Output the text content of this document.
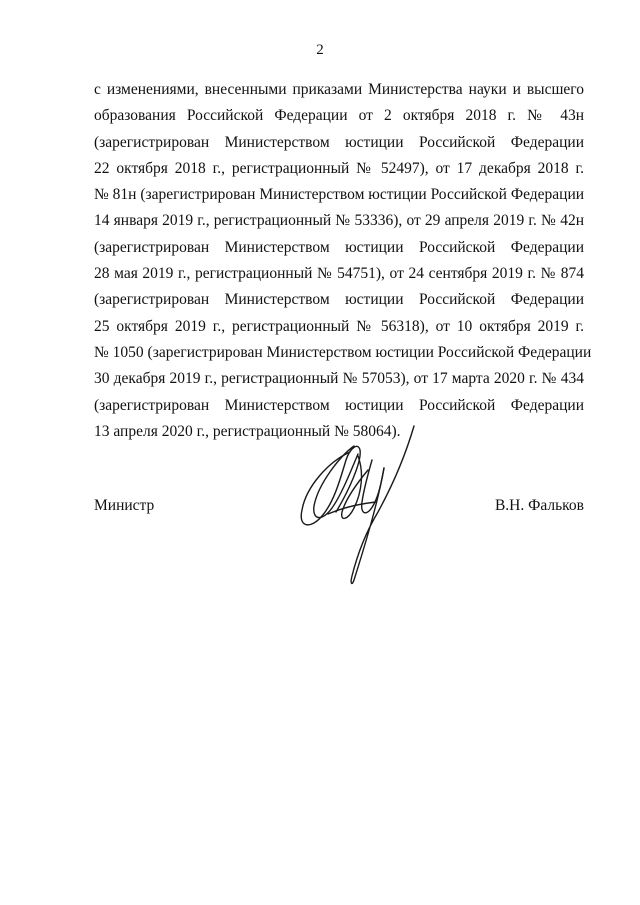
2
с изменениями, внесенными приказами Министерства науки и высшего
образования Российской Федерации от 2 октября 2018 г. № 43н
(зарегистрирован Министерством юстиции Российской Федерации
22 октября 2018 г., регистрационный № 52497), от 17 декабря 2018 г.
№ 81н (зарегистрирован Министерством юстиции Российской Федерации
14 января 2019 г., регистрационный № 53336), от 29 апреля 2019 г. № 42н
(зарегистрирован Министерством юстиции Российской Федерации
28 мая 2019 г., регистрационный № 54751), от 24 сентября 2019 г. № 874
(зарегистрирован Министерством юстиции Российской Федерации
25 октября 2019 г., регистрационный № 56318), от 10 октября 2019 г.
№ 1050 (зарегистрирован Министерством юстиции Российской Федерации
30 декабря 2019 г., регистрационный № 57053), от 17 марта 2020 г. № 434
(зарегистрирован Министерством юстиции Российской Федерации
13 апреля 2020 г., регистрационный № 58064).
Министр	В.Н. Фальков
